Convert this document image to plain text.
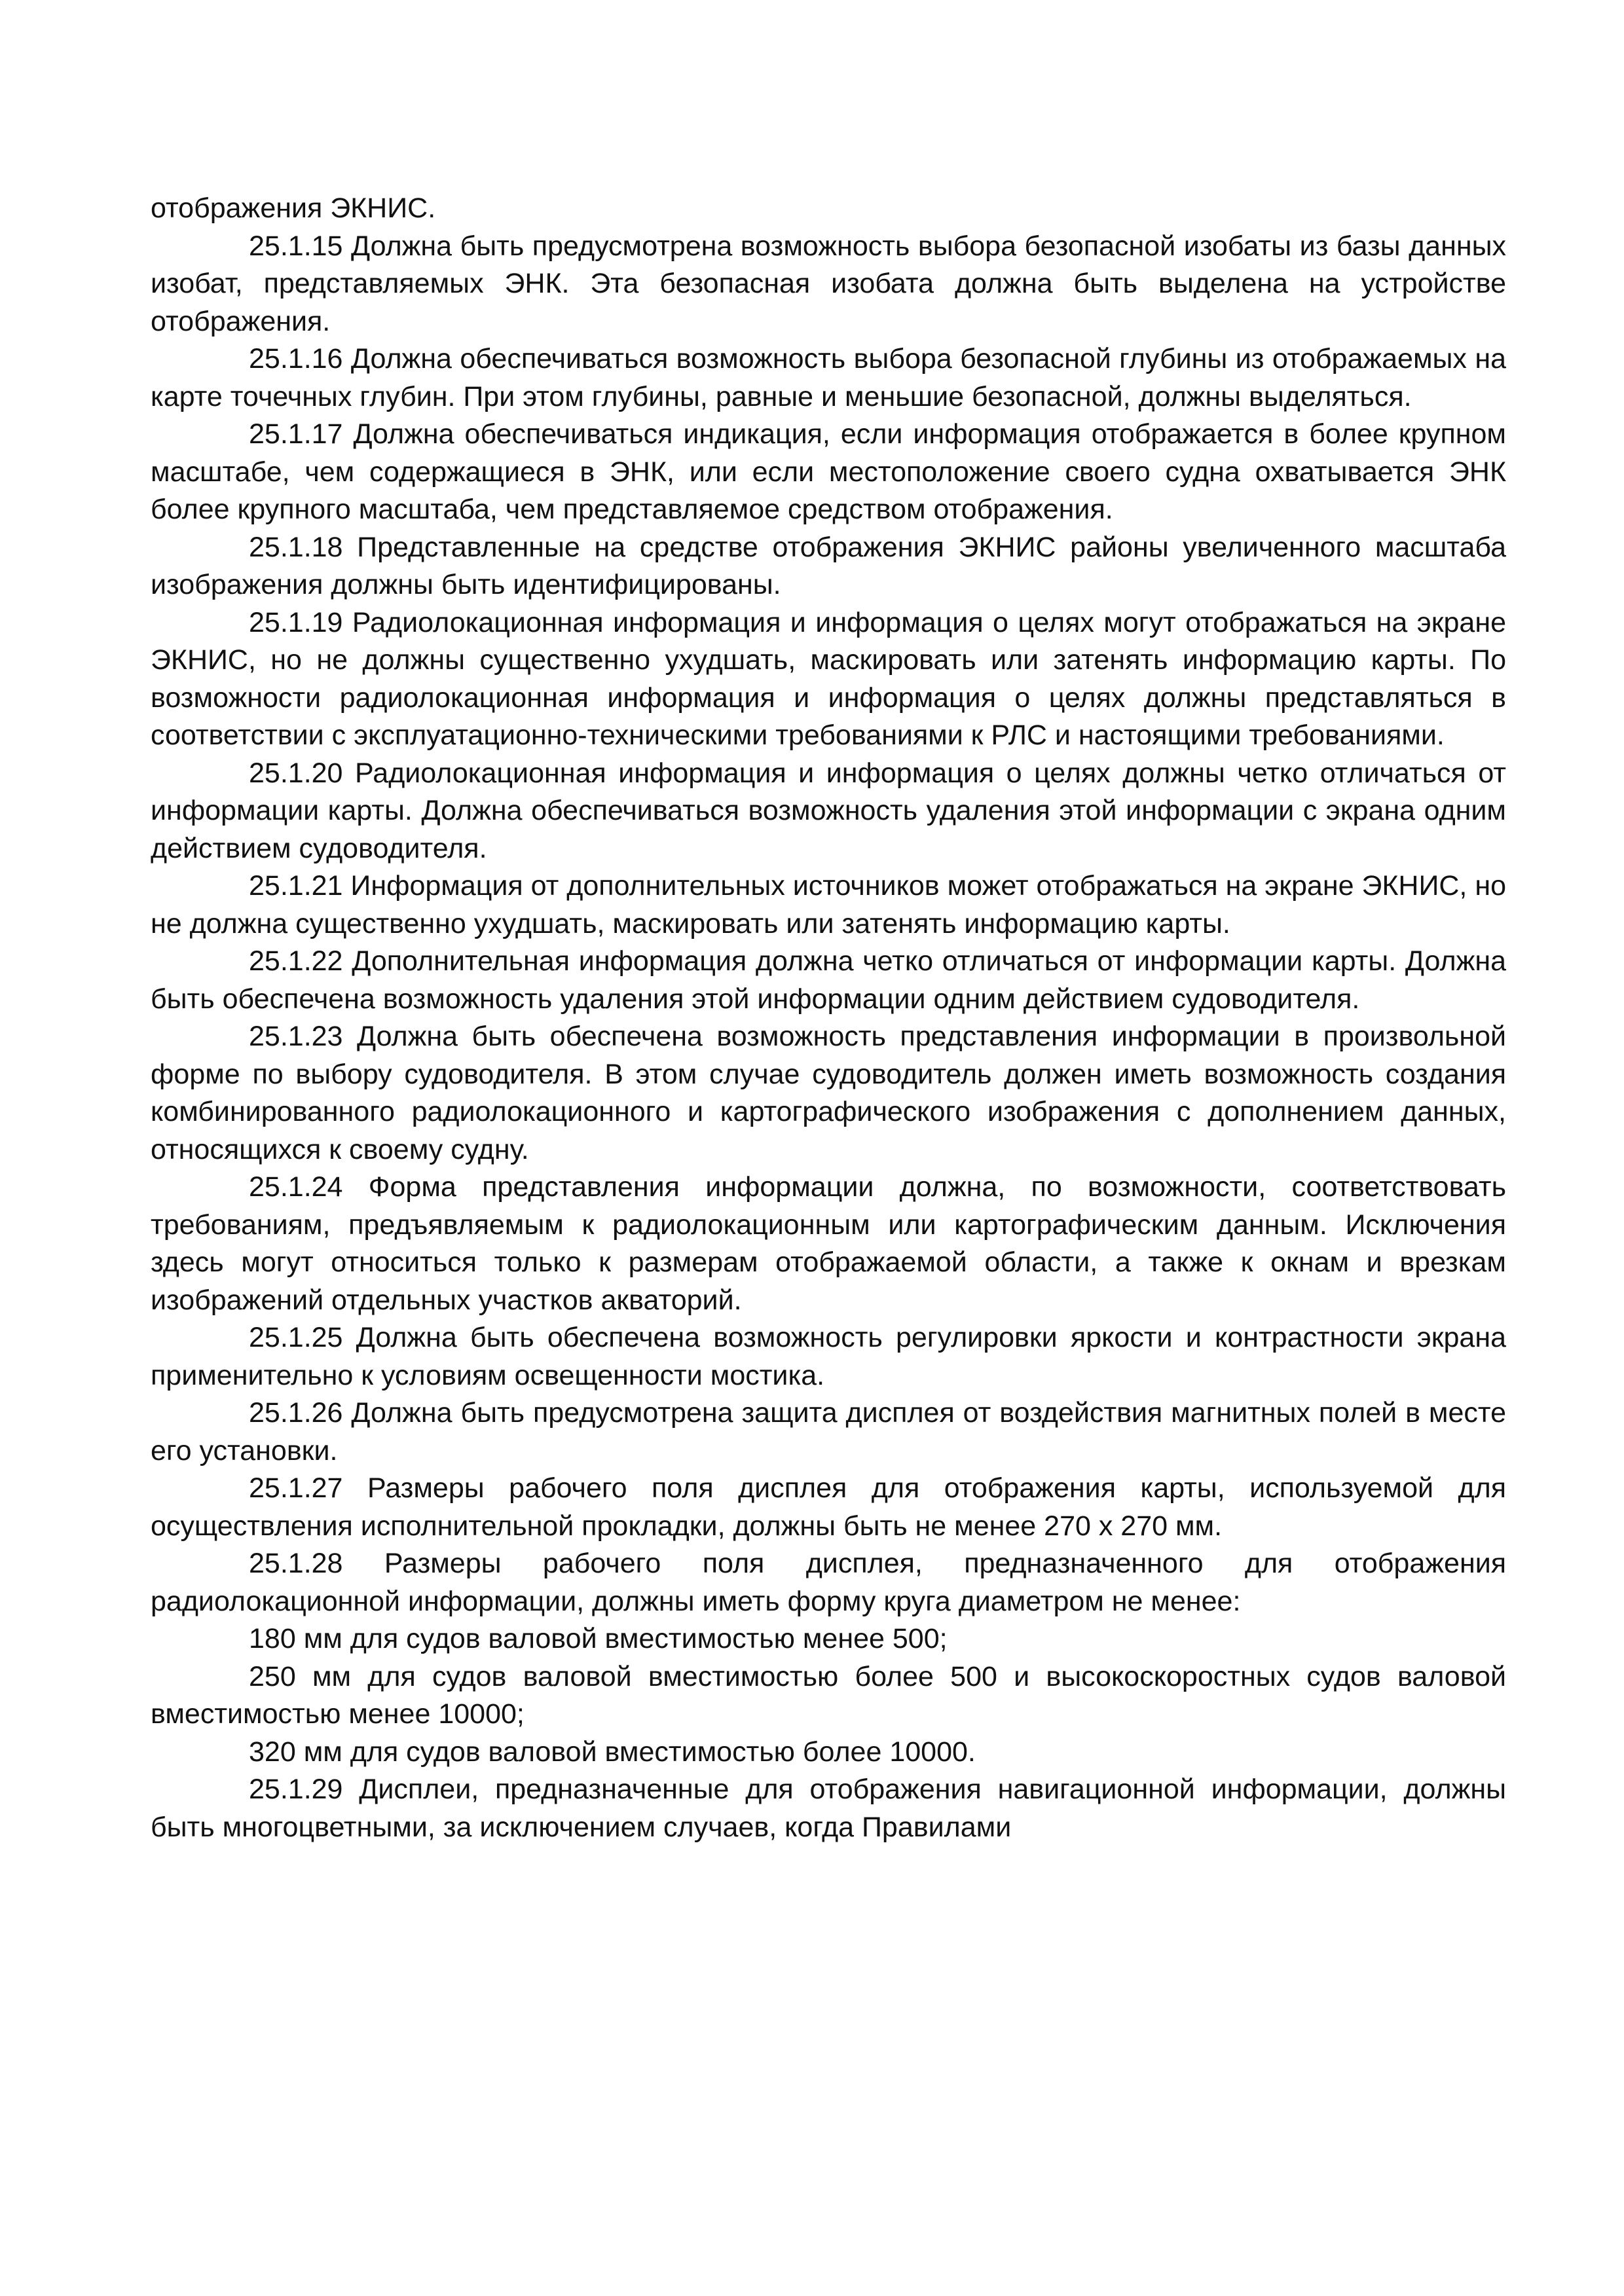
отображения ЭКНИС.

25.1.15 Должна быть предусмотрена возможность выбора безопасной изобаты из базы данных изобат, представляемых ЭНК. Эта безопасная изобата должна быть выделена на устройстве отображения.

25.1.16 Должна обеспечиваться возможность выбора безопасной глубины из отображаемых на карте точечных глубин. При этом глубины, равные и меньшие безопасной, должны выделяться.

25.1.17 Должна обеспечиваться индикация, если информация отображается в более крупном масштабе, чем содержащиеся в ЭНК, или если местоположение своего судна охватывается ЭНК более крупного масштаба, чем представляемое средством отображения.

25.1.18 Представленные на средстве отображения ЭКНИС районы увеличенного масштаба изображения должны быть идентифицированы.

25.1.19 Радиолокационная информация и информация о целях могут отображаться на экране ЭКНИС, но не должны существенно ухудшать, маскировать или затенять информацию карты. По возможности радиолокационная информация и информация о целях должны представляться в соответствии с эксплуатационно-техническими требованиями к РЛС и настоящими требованиями.

25.1.20 Радиолокационная информация и информация о целях должны четко отличаться от информации карты. Должна обеспечиваться возможность удаления этой информации с экрана одним действием судоводителя.

25.1.21 Информация от дополнительных источников может отображаться на экране ЭКНИС, но не должна существенно ухудшать, маскировать или затенять информацию карты.

25.1.22 Дополнительная информация должна четко отличаться от информации карты. Должна быть обеспечена возможность удаления этой информации одним действием судоводителя.

25.1.23 Должна быть обеспечена возможность представления информации в произвольной форме по выбору судоводителя. В этом случае судоводитель должен иметь возможность создания комбинированного радиолокационного и картографического изображения с дополнением данных, относящихся к своему судну.

25.1.24 Форма представления информации должна, по возможности, соответствовать требованиям, предъявляемым к радиолокационным или картографическим данным. Исключения здесь могут относиться только к размерам отображаемой области, а также к окнам и врезкам изображений отдельных участков акваторий.

25.1.25 Должна быть обеспечена возможность регулировки яркости и контрастности экрана применительно к условиям освещенности мостика.

25.1.26 Должна быть предусмотрена защита дисплея от воздействия магнитных полей в месте его установки.

25.1.27 Размеры рабочего поля дисплея для отображения карты, используемой для осуществления исполнительной прокладки, должны быть не менее 270 х 270 мм.

25.1.28 Размеры рабочего поля дисплея, предназначенного для отображения радиолокационной информации, должны иметь форму круга диаметром не менее:

180 мм для судов валовой вместимостью менее 500;

250 мм для судов валовой вместимостью более 500 и высокоскоростных судов валовой вместимостью менее 10000;

320 мм для судов валовой вместимостью более 10000.

25.1.29 Дисплеи, предназначенные для отображения навигационной информации, должны быть многоцветными, за исключением случаев, когда Правилами
